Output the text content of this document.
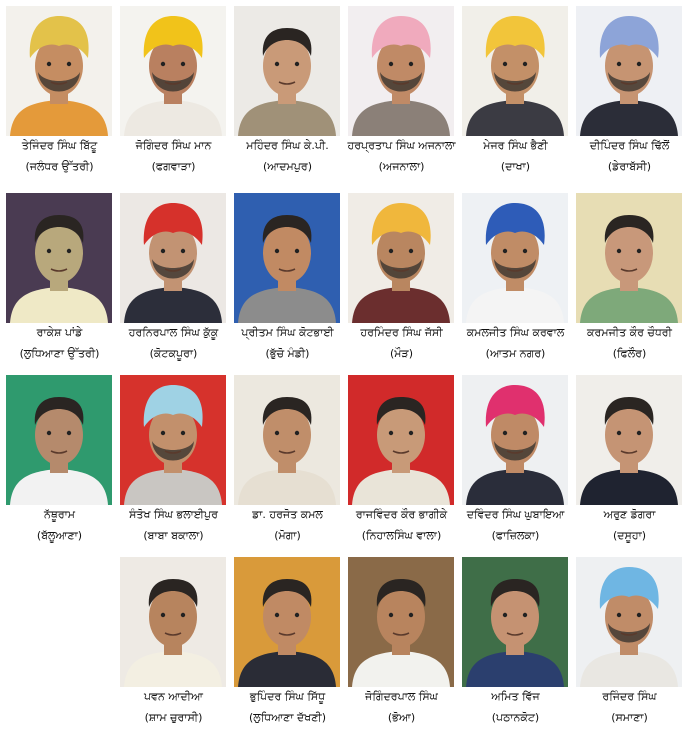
ਤੇਜਿੰਦਰ ਸਿੰਘ ਬਿੱਟੂ
(ਜਲੰਧਰ ਉੱਤਰੀ)
ਜੋਗਿੰਦਰ ਸਿੰਘ ਮਾਨ
(ਫਗਵਾੜਾ)
ਮਹਿੰਦਰ ਸਿੰਘ ਕੇ.ਪੀ.
(ਆਦਮਪੁਰ)
ਹਰਪ੍ਰਤਾਪ ਸਿੰਘ ਅਜਨਾਲਾ
(ਅਜਨਾਲਾ)
ਮੇਜਰ ਸਿੰਘ ਭੈਣੀ
(ਦਾਖਾ)
ਦੀਪਿੰਦਰ ਸਿੰਘ ਢਿੱਲੋਂ
(ਡੇਰਾਬੱਸੀ)
ਰਾਕੇਸ਼ ਪਾਂਡੇ
(ਲੁਧਿਆਣਾ ਉੱਤਰੀ)
ਹਰਨਿਰਪਾਲ ਸਿੰਘ ਕੁੱਕੂ
(ਕੋਟਕਪੂਰਾ)
ਪ੍ਰੀਤਮ ਸਿੰਘ ਕੋਟਭਾਈ
(ਭੁੱਚੋ ਮੰਡੀ)
ਹਰਮਿੰਦਰ ਸਿੰਘ ਜੱਸੀ
(ਮੌੜ)
ਕਮਲਜੀਤ ਸਿੰਘ ਕਰਵਾਲ
(ਆਤਮ ਨਗਰ)
ਕਰਮਜੀਤ ਕੌਰ ਚੌਧਰੀ
(ਫਿਲੌਰ)
ਨੱਥੂਰਾਮ
(ਬੱਲੂਆਣਾ)
ਸੰਤੋਖ ਸਿੰਘ ਭਲਾਈਪੁਰ
(ਬਾਬਾ ਬਕਾਲਾ)
ਡਾ. ਹਰਜੋਤ ਕਮਲ
(ਮੋਗਾ)
ਰਾਜਵਿੰਦਰ ਕੌਰ ਭਾਗੀਕੇ
(ਨਿਹਾਲਸਿੰਘ ਵਾਲਾ)
ਦਵਿੰਦਰ ਸਿੰਘ ਘੁਬਾਇਆ
(ਫਾਜ਼ਿਲਕਾ)
ਅਰੁਣ ਡੋਗਰਾ
(ਦਸੂਹਾ)
ਪਵਨ ਆਦੀਆ
(ਸ਼ਾਮ ਚੁਰਾਸੀ)
ਭੁਪਿੰਦਰ ਸਿੰਘ ਸਿੱਧੂ
(ਲੁਧਿਆਣਾ ਦੱਖਣੀ)
ਜੋਗਿੰਦਰਪਾਲ ਸਿੰਘ
(ਭੋਆ)
ਅਮਿਤ ਵਿੱਜ
(ਪਠਾਨਕੋਟ)
ਰਜਿੰਦਰ ਸਿੰਘ
(ਸਮਾਣਾ)
